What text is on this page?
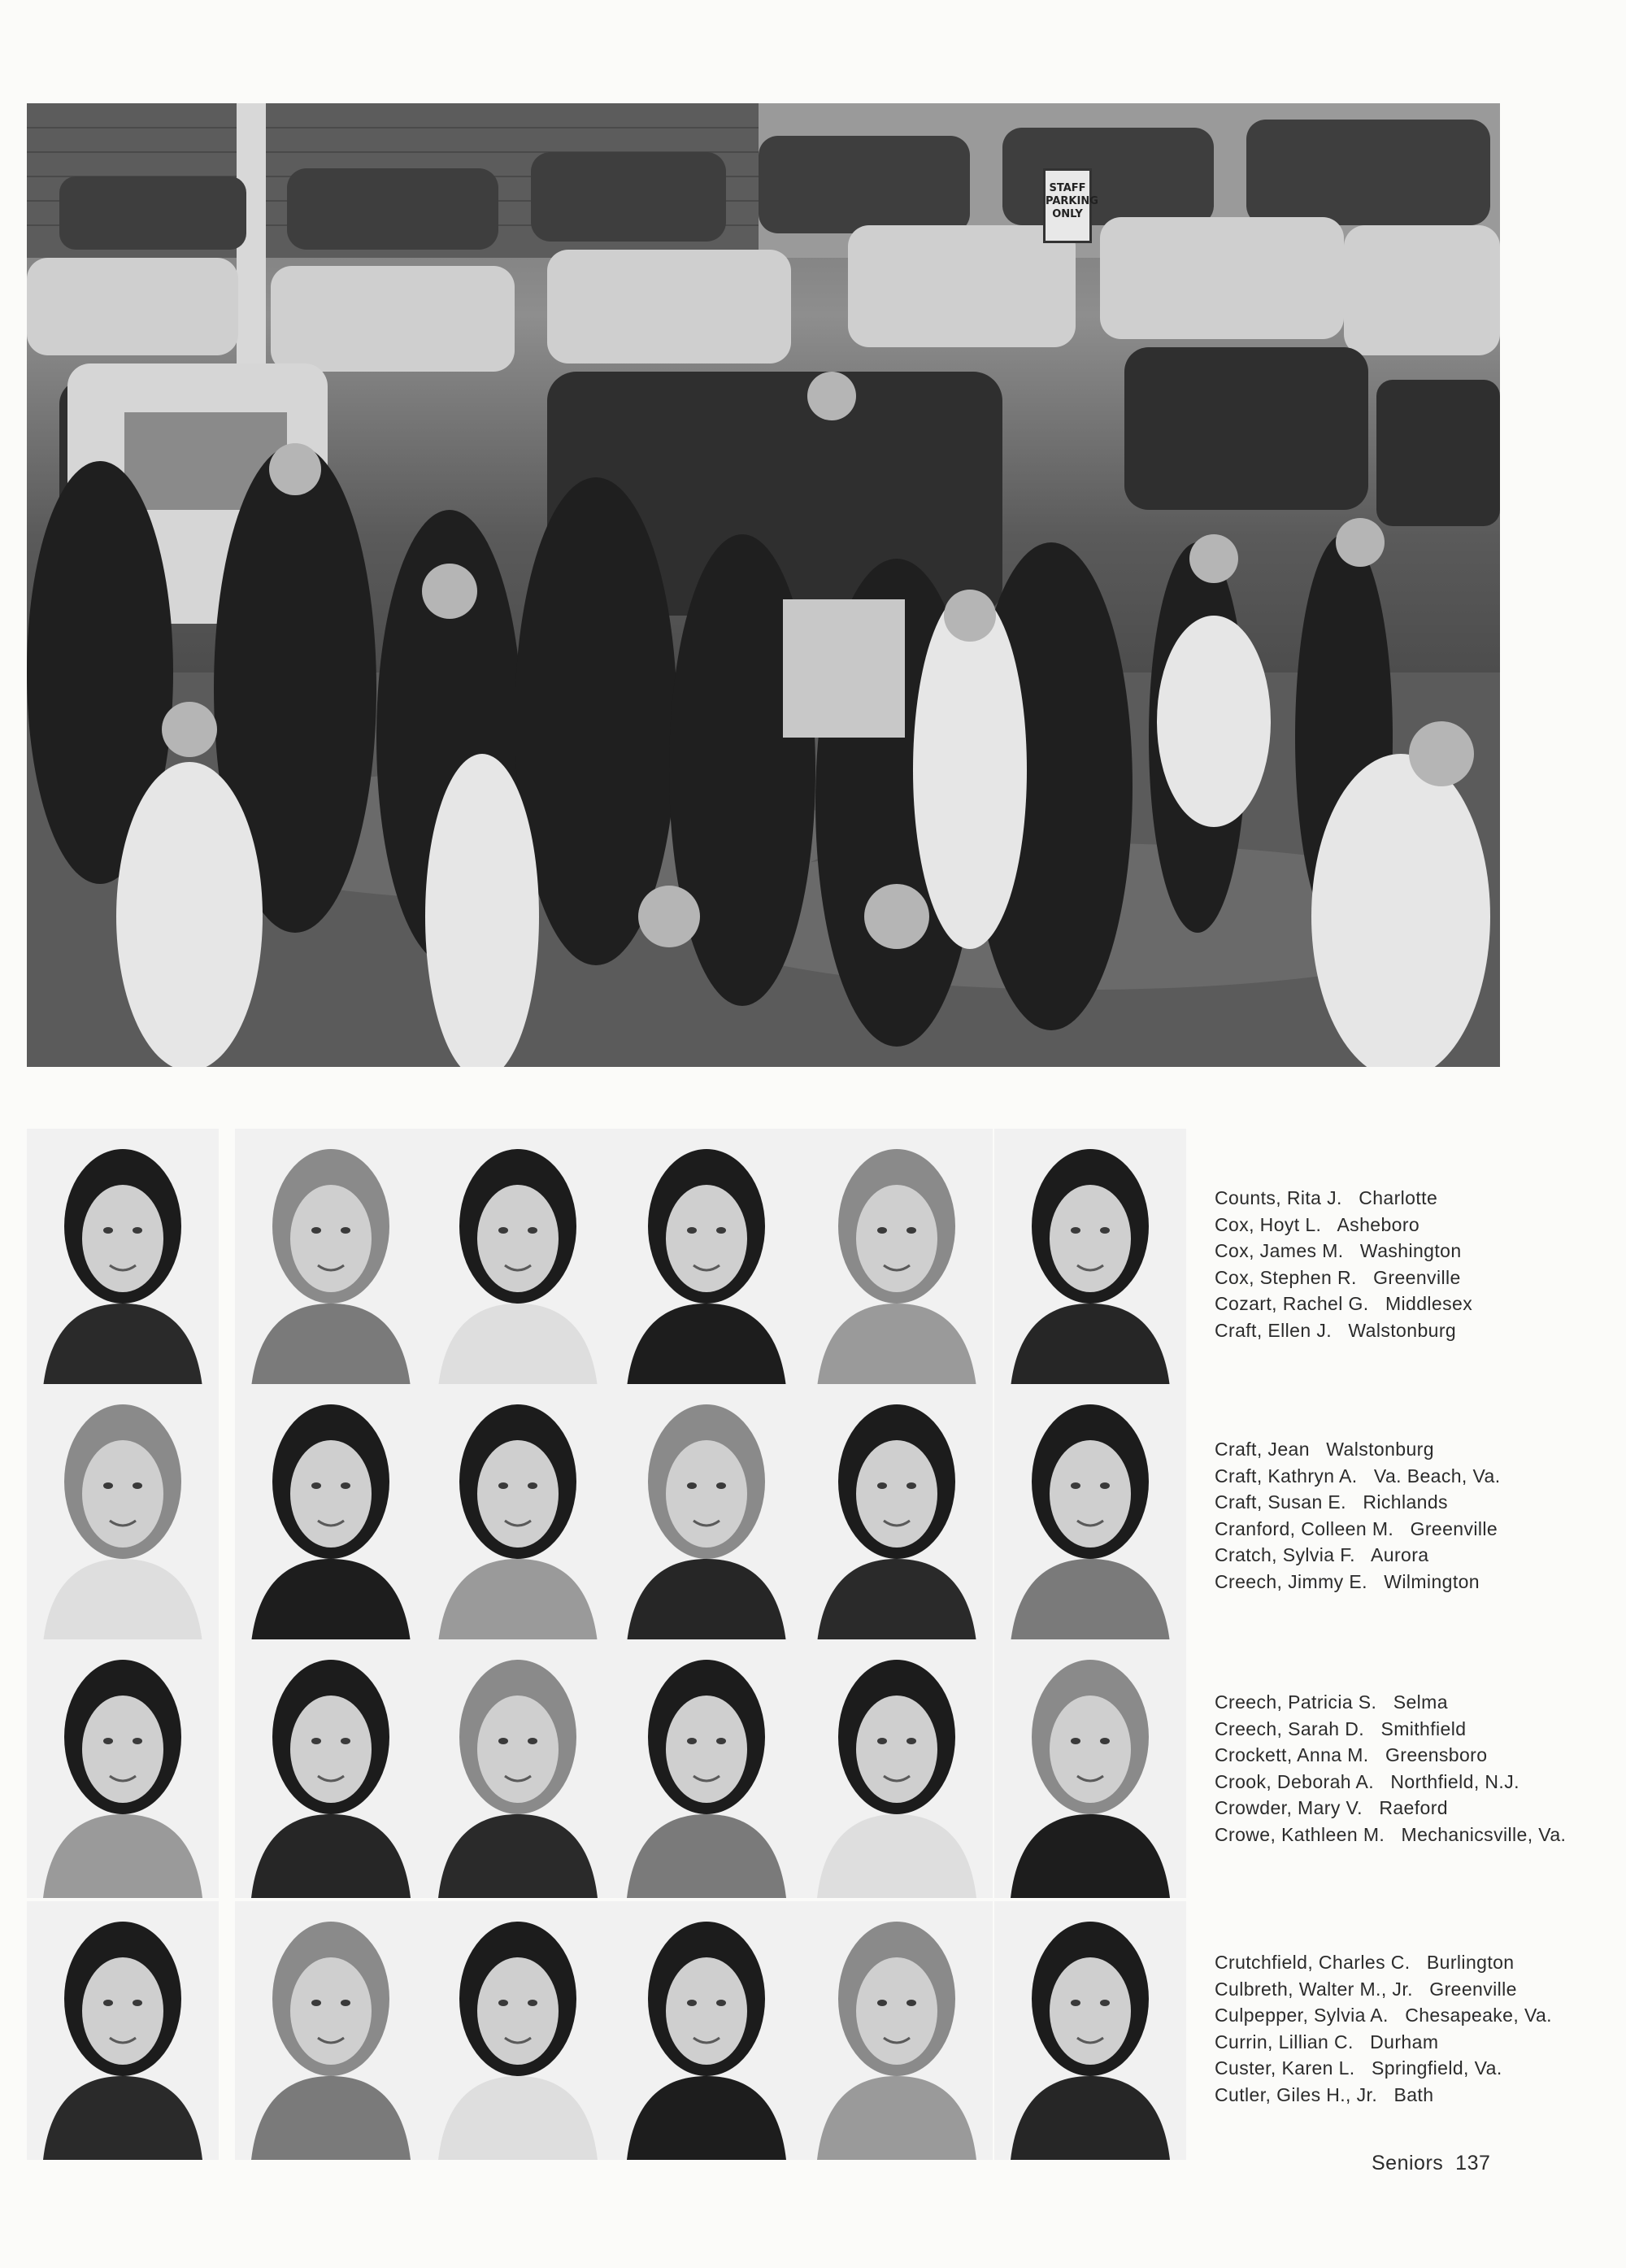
STAFF
PARKING
ONLY
Counts, Rita J.   Charlotte
Cox, Hoyt L.   Asheboro
Cox, James M.   Washington
Cox, Stephen R.   Greenville
Cozart, Rachel G.   Middlesex
Craft, Ellen J.   Walstonburg
Craft, Jean   Walstonburg
Craft, Kathryn A.   Va. Beach, Va.
Craft, Susan E.   Richlands
Cranford, Colleen M.   Greenville
Cratch, Sylvia F.   Aurora
Creech, Jimmy E.   Wilmington
Creech, Patricia S.   Selma
Creech, Sarah D.   Smithfield
Crockett, Anna M.   Greensboro
Crook, Deborah A.   Northfield, N.J.
Crowder, Mary V.   Raeford
Crowe, Kathleen M.   Mechanicsville, Va.
Crutchfield, Charles C.   Burlington
Culbreth, Walter M., Jr.   Greenville
Culpepper, Sylvia A.   Chesapeake, Va.
Currin, Lillian C.   Durham
Custer, Karen L.   Springfield, Va.
Cutler, Giles H., Jr.   Bath
Seniors 137
